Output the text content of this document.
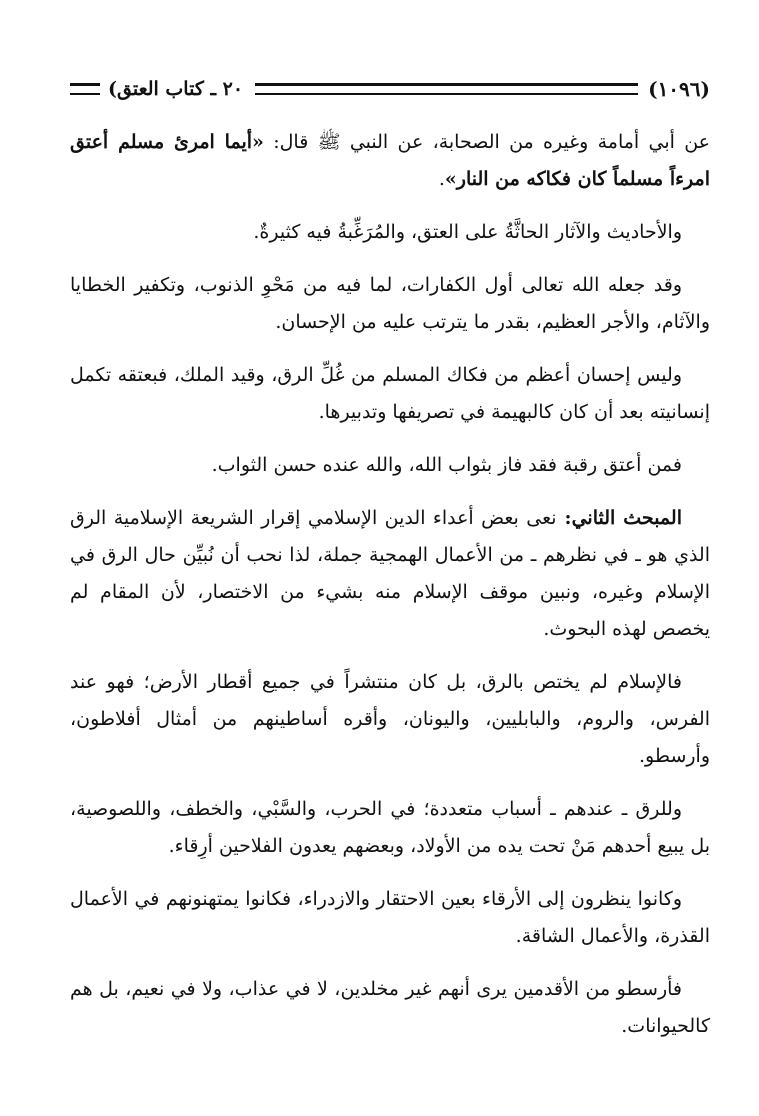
(١٠٩٦)
٢٠ ـ كتاب العتق)

عن أبي أمامة وغيره من الصحابة، عن النبي ﷺ قال: «أيما امرئ مسلم أعتق امرءاً مسلماً كان فكاكه من النار».

والأحاديث والآثار الحاثَّةُ على العتق، والمُرَغِّبةُ فيه كثيرةٌ.

وقد جعله الله تعالى أول الكفارات، لما فيه من مَحْوِ الذنوب، وتكفير الخطايا والآثام، والأجر العظيم، بقدر ما يترتب عليه من الإحسان.

وليس إحسان أعظم من فكاك المسلم من غُلِّ الرق، وقيد الملك، فبعتقه تكمل إنسانيته بعد أن كان كالبهيمة في تصريفها وتدبيرها.

فمن أعتق رقبة فقد فاز بثواب الله، والله عنده حسن الثواب.

المبحث الثاني: نعى بعض أعداء الدين الإسلامي إقرار الشريعة الإسلامية الرق الذي هو ـ في نظرهم ـ من الأعمال الهمجية جملة، لذا نحب أن نُبيِّن حال الرق في الإسلام وغيره، ونبين موقف الإسلام منه بشيء من الاختصار، لأن المقام لم يخصص لهذه البحوث.

فالإسلام لم يختص بالرق، بل كان منتشراً في جميع أقطار الأرض؛ فهو عند الفرس، والروم، والبابليين، واليونان، وأقره أساطينهم من أمثال أفلاطون، وأرسطو.

وللرق ـ عندهم ـ أسباب متعددة؛ في الحرب، والسَّبْي، والخطف، واللصوصية، بل يبيع أحدهم مَنْ تحت يده من الأولاد، وبعضهم يعدون الفلاحين أرِقاء.

وكانوا ينظرون إلى الأرقاء بعين الاحتقار والازدراء، فكانوا يمتهنونهم في الأعمال القذرة، والأعمال الشاقة.

فأرسطو من الأقدمين يرى أنهم غير مخلدين، لا في عذاب، ولا في نعيم، بل هم كالحيوانات.
